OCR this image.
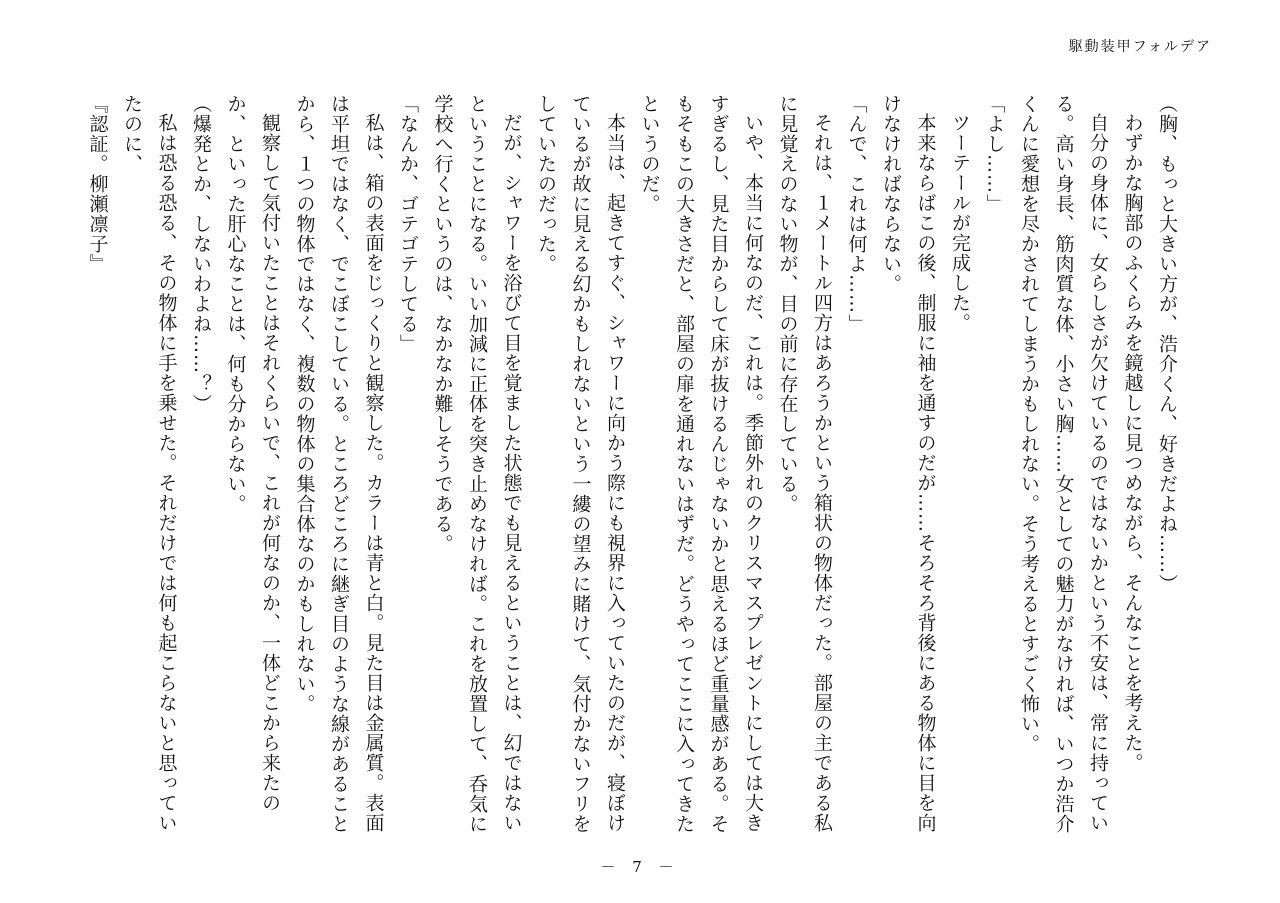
駆動装甲フォルデア

（胸、もっと大きい方が、浩介くん、好きだよね……）

わずかな胸部のふくらみを鏡越しに見つめながら、そんなことを考えた。

自分の身体に、女らしさが欠けているのではないかという不安は、常に持っている。高い身長、筋肉質な体、小さい胸……女としての魅力がなければ、いつか浩介くんに愛想を尽かされてしまうかもしれない。そう考えるとすごく怖い。

「よし……」

ツーテールが完成した。

本来ならばこの後、制服に袖を通すのだが……そろそろ背後にある物体に目を向けなければならない。

「んで、これは何よ……」

それは、１メートル四方はあろうかという箱状の物体だった。部屋の主である私に見覚えのない物が、目の前に存在している。

いや、本当に何なのだ、これは。季節外れのクリスマスプレゼントにしては大きすぎるし、見た目からして床が抜けるんじゃないかと思えるほど重量感がある。そもそもこの大きさだと、部屋の扉を通れないはずだ。どうやってここに入ってきたというのだ。

本当は、起きてすぐ、シャワーに向かう際にも視界に入っていたのだが、寝ぼけているが故に見える幻かもしれないという一縷の望みに賭けて、気付かないフリをしていたのだった。

だが、シャワーを浴びて目を覚ました状態でも見えるということは、幻ではないということになる。いい加減に正体を突き止めなければ。これを放置して、呑気に学校へ行くというのは、なかなか難しそうである。

「なんか、ゴテゴテしてる」

私は、箱の表面をじっくりと観察した。カラーは青と白。見た目は金属質。表面は平坦ではなく、でこぼこしている。ところどころに継ぎ目のような線があることから、１つの物体ではなく、複数の物体の集合体なのかもしれない。

観察して気付いたことはそれくらいで、これが何なのか、一体どこから来たのか、といった肝心なことは、何も分からない。

（爆発とか、しないわよね……？）

私は恐る恐る、その物体に手を乗せた。それだけでは何も起こらないと思っていたのに、

『認証。柳瀬凛子』

－ 7 －
